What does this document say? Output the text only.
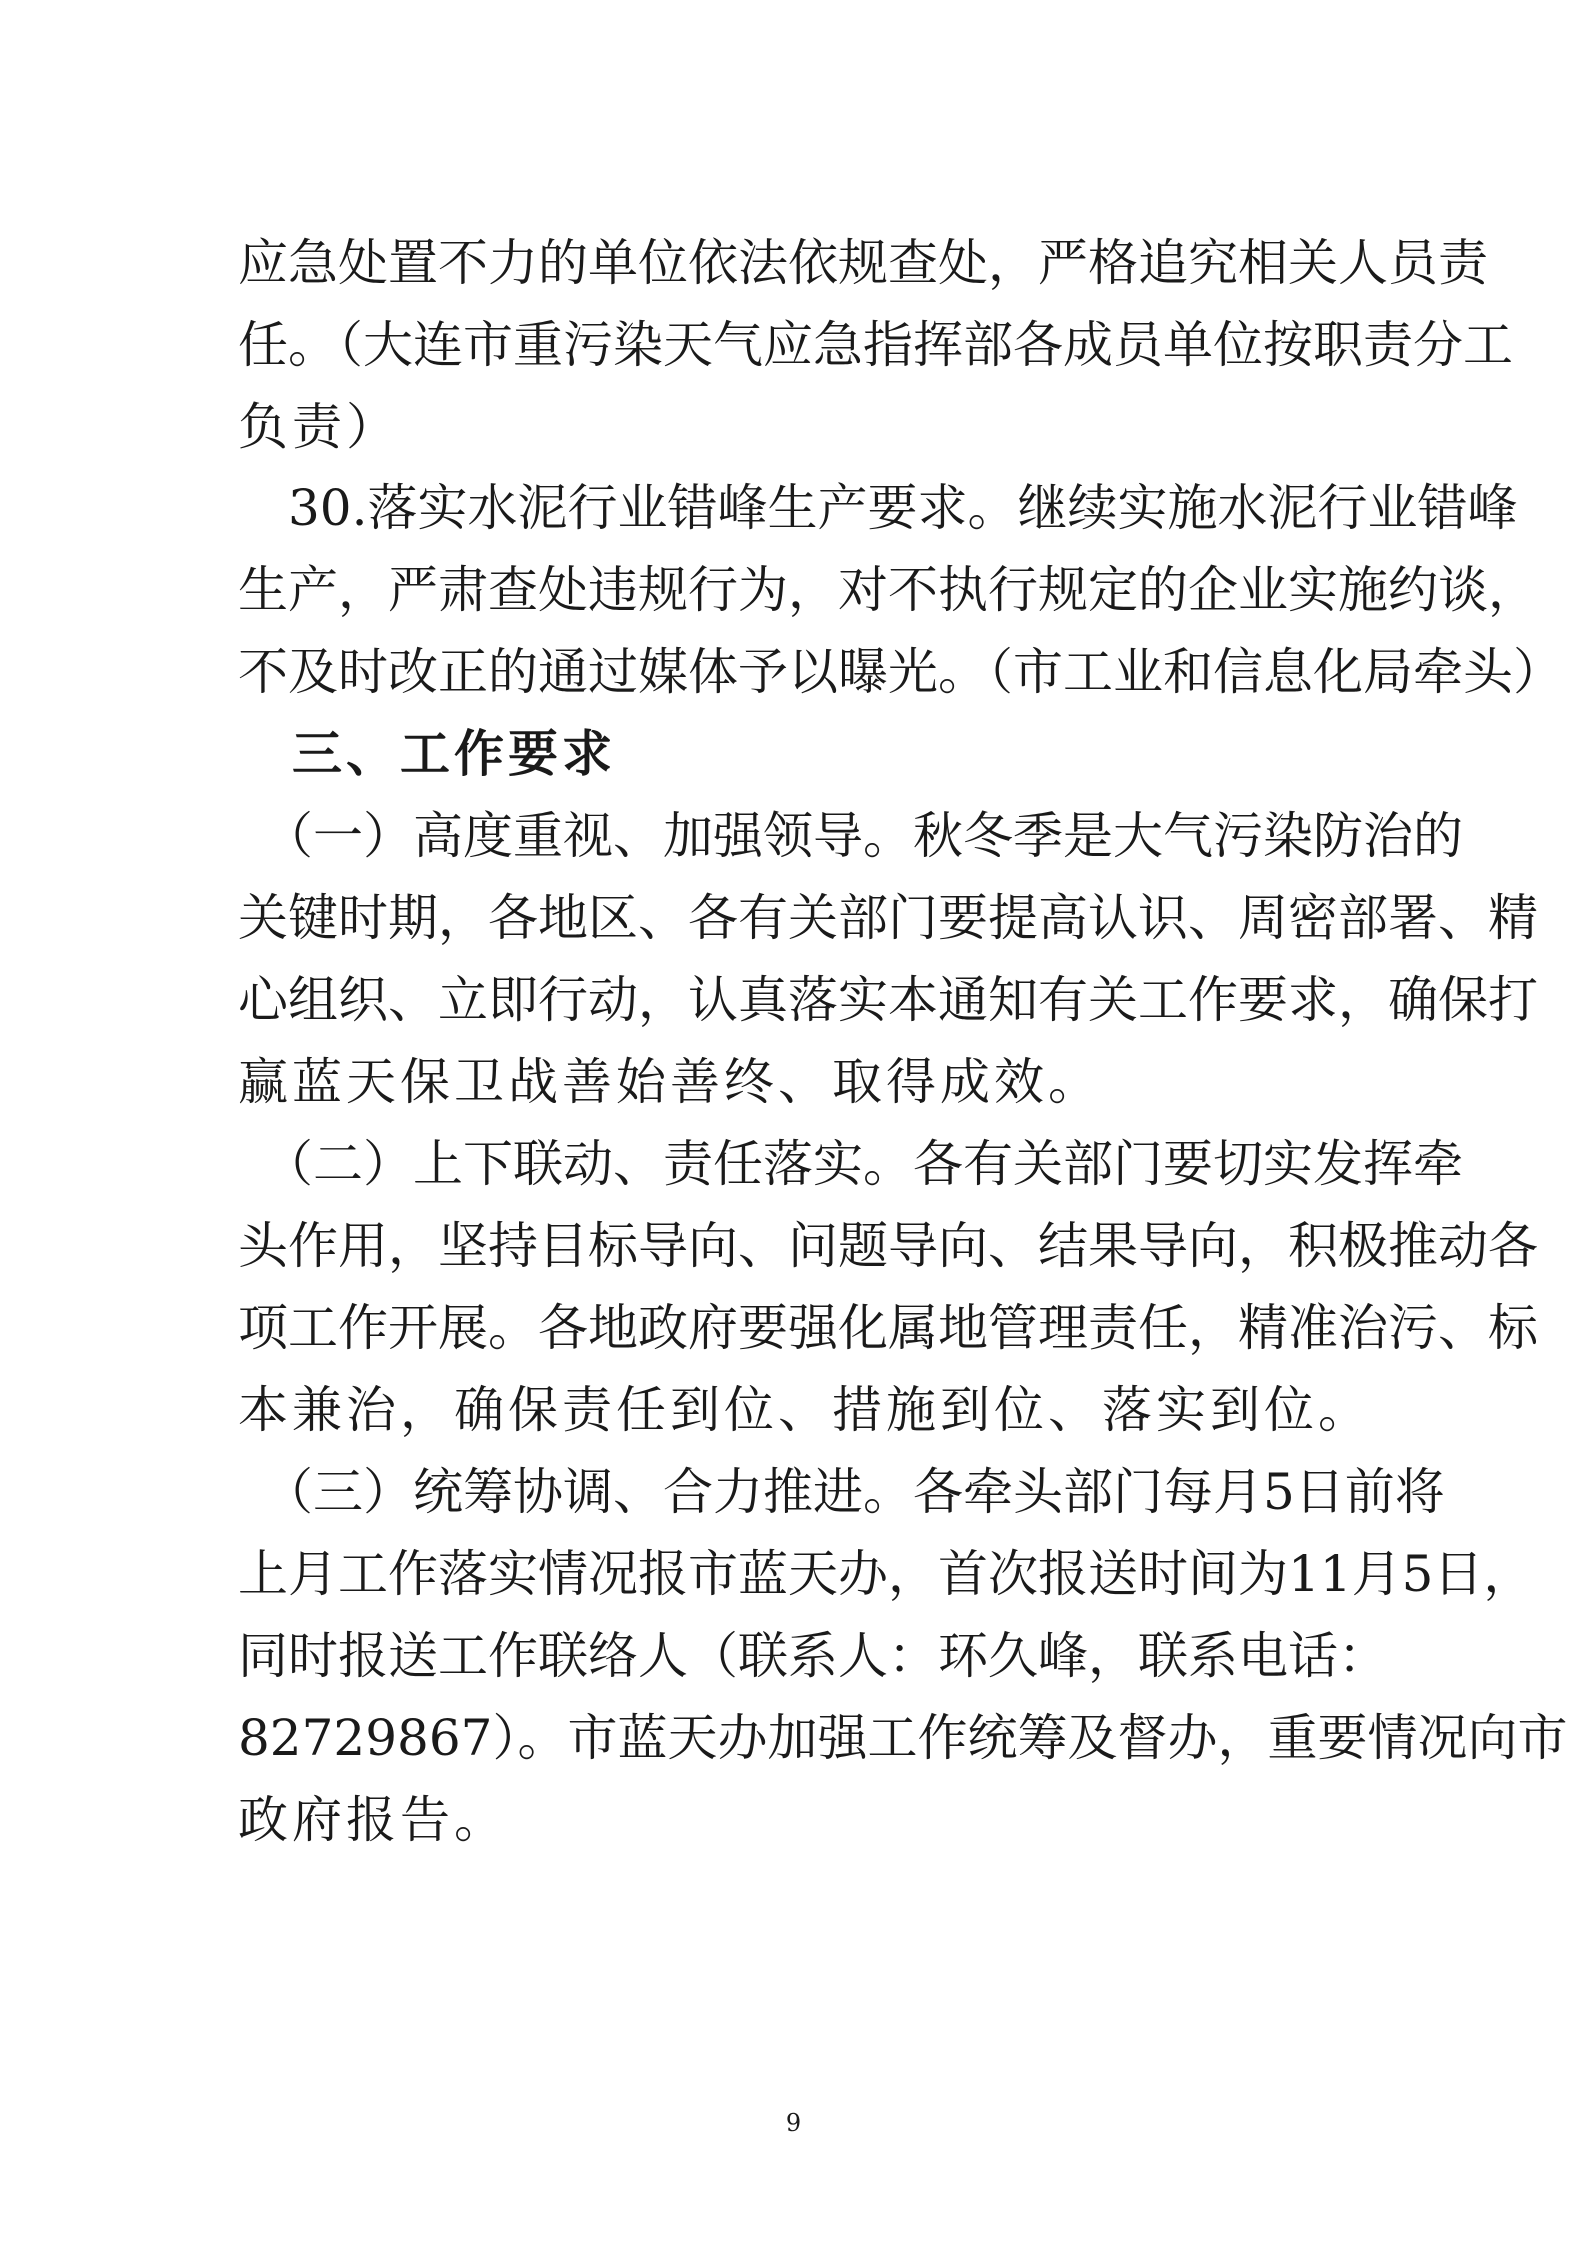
应急处置不力的单位依法依规查处，严格追究相关人员责
任。（大连市重污染天气应急指挥部各成员单位按职责分工
负责）
　30.落实水泥行业错峰生产要求。继续实施水泥行业错峰
生产，严肃查处违规行为，对不执行规定的企业实施约谈，
不及时改正的通过媒体予以曝光。（市工业和信息化局牵头）
　三、工作要求
　（一）高度重视、加强领导。秋冬季是大气污染防治的
关键时期，各地区、各有关部门要提高认识、周密部署、精
心组织、立即行动，认真落实本通知有关工作要求，确保打
赢蓝天保卫战善始善终、取得成效。
　（二）上下联动、责任落实。各有关部门要切实发挥牵
头作用，坚持目标导向、问题导向、结果导向，积极推动各
项工作开展。各地政府要强化属地管理责任，精准治污、标
本兼治，确保责任到位、措施到位、落实到位。
　（三）统筹协调、合力推进。各牵头部门每月5日前将
上月工作落实情况报市蓝天办，首次报送时间为11月5日，
同时报送工作联络人（联系人：环久峰，联系电话：
82729867）。市蓝天办加强工作统筹及督办，重要情况向市
政府报告。
9
